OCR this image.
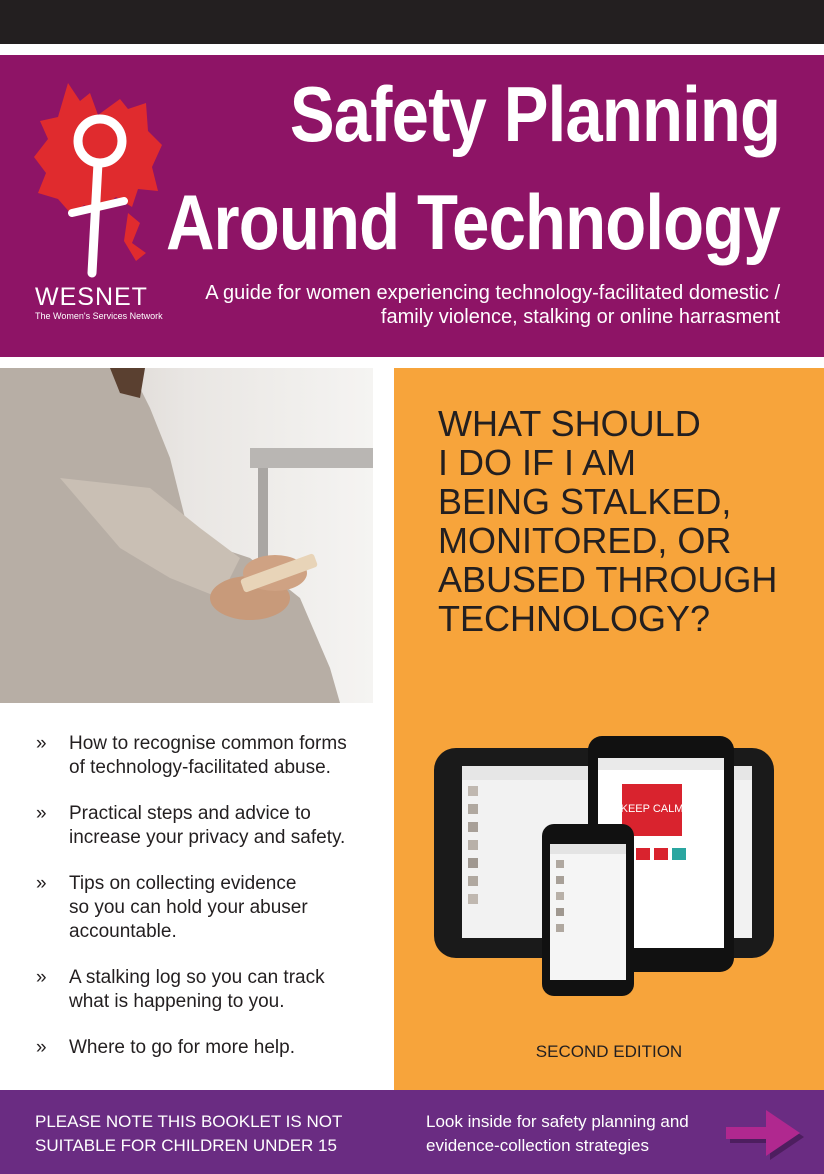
WESNET
The Women's Services Network
Safety Planning
Around Technology
A guide for women experiencing technology-facilitated domestic /
family violence, stalking or online harrasment
WHAT SHOULD
I DO IF I AM
BEING STALKED,
MONITORED, OR
ABUSED THROUGH
TECHNOLOGY?
KEEP CALM
SECOND EDITION
» How to recognise common forms
of technology-facilitated abuse.
» Practical steps and advice to
increase your privacy and safety.
» Tips on collecting evidence
so you can hold your abuser
accountable.
» A stalking log so you can track
what is happening to you.
» Where to go for more help.
PLEASE NOTE THIS BOOKLET IS NOT
SUITABLE FOR CHILDREN UNDER 15
Look inside for safety planning and
evidence-collection strategies
